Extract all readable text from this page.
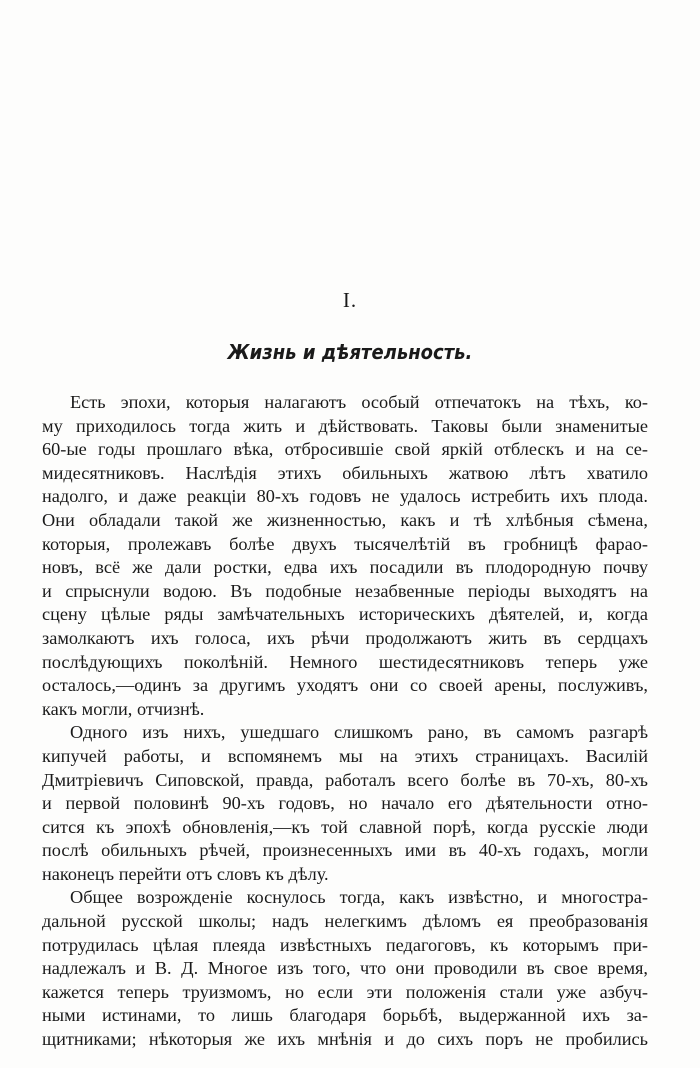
I.
Жизнь и дѣятельность.
Есть эпохи, которыя налагаютъ особый отпечатокъ на тѣхъ, ко-
му приходилось тогда жить и дѣйствовать. Таковы были знаменитые
60-ые годы прошлаго вѣка, отбросившіе свой яркій отблескъ и на се-
мидесятниковъ. Наслѣдія этихъ обильныхъ жатвою лѣтъ хватило
надолго, и даже реакціи 80-хъ годовъ не удалось истребить ихъ плода.
Они обладали такой же жизненностью, какъ и тѣ хлѣбныя сѣмена,
которыя, пролежавъ болѣе двухъ тысячелѣтій въ гробницѣ фарао-
новъ, всё же дали ростки, едва ихъ посадили въ плодородную почву
и спрыснули водою. Въ подобные незабвенные періоды выходятъ на
сцену цѣлые ряды замѣчательныхъ историческихъ дѣятелей, и, когда
замолкаютъ ихъ голоса, ихъ рѣчи продолжаютъ жить въ сердцахъ
послѣдующихъ поколѣній. Немного шестидесятниковъ теперь уже
осталось,—одинъ за другимъ уходятъ они со своей арены, послуживъ,
какъ могли, отчизнѣ.
Одного изъ нихъ, ушедшаго слишкомъ рано, въ самомъ разгарѣ
кипучей работы, и вспомянемъ мы на этихъ страницахъ. Василій
Дмитріевичъ Сиповской, правда, работалъ всего болѣе въ 70-хъ, 80-хъ
и первой половинѣ 90-хъ годовъ, но начало его дѣятельности отно-
сится къ эпохѣ обновленія,—къ той славной порѣ, когда русскіе люди
послѣ обильныхъ рѣчей, произнесенныхъ ими въ 40-хъ годахъ, могли
наконецъ перейти отъ словъ къ дѣлу.
Общее возрожденіе коснулось тогда, какъ извѣстно, и многостра-
дальной русской школы; надъ нелегкимъ дѣломъ ея преобразованія
потрудилась цѣлая плеяда извѣстныхъ педагоговъ, къ которымъ при-
надлежалъ и В. Д. Многое изъ того, что они проводили въ свое время,
кажется теперь труизмомъ, но если эти положенія стали уже азбуч-
ными истинами, то лишь благодаря борьбѣ, выдержанной ихъ за-
щитниками; нѣкоторыя же ихъ мнѣнія и до сихъ поръ не пробились
